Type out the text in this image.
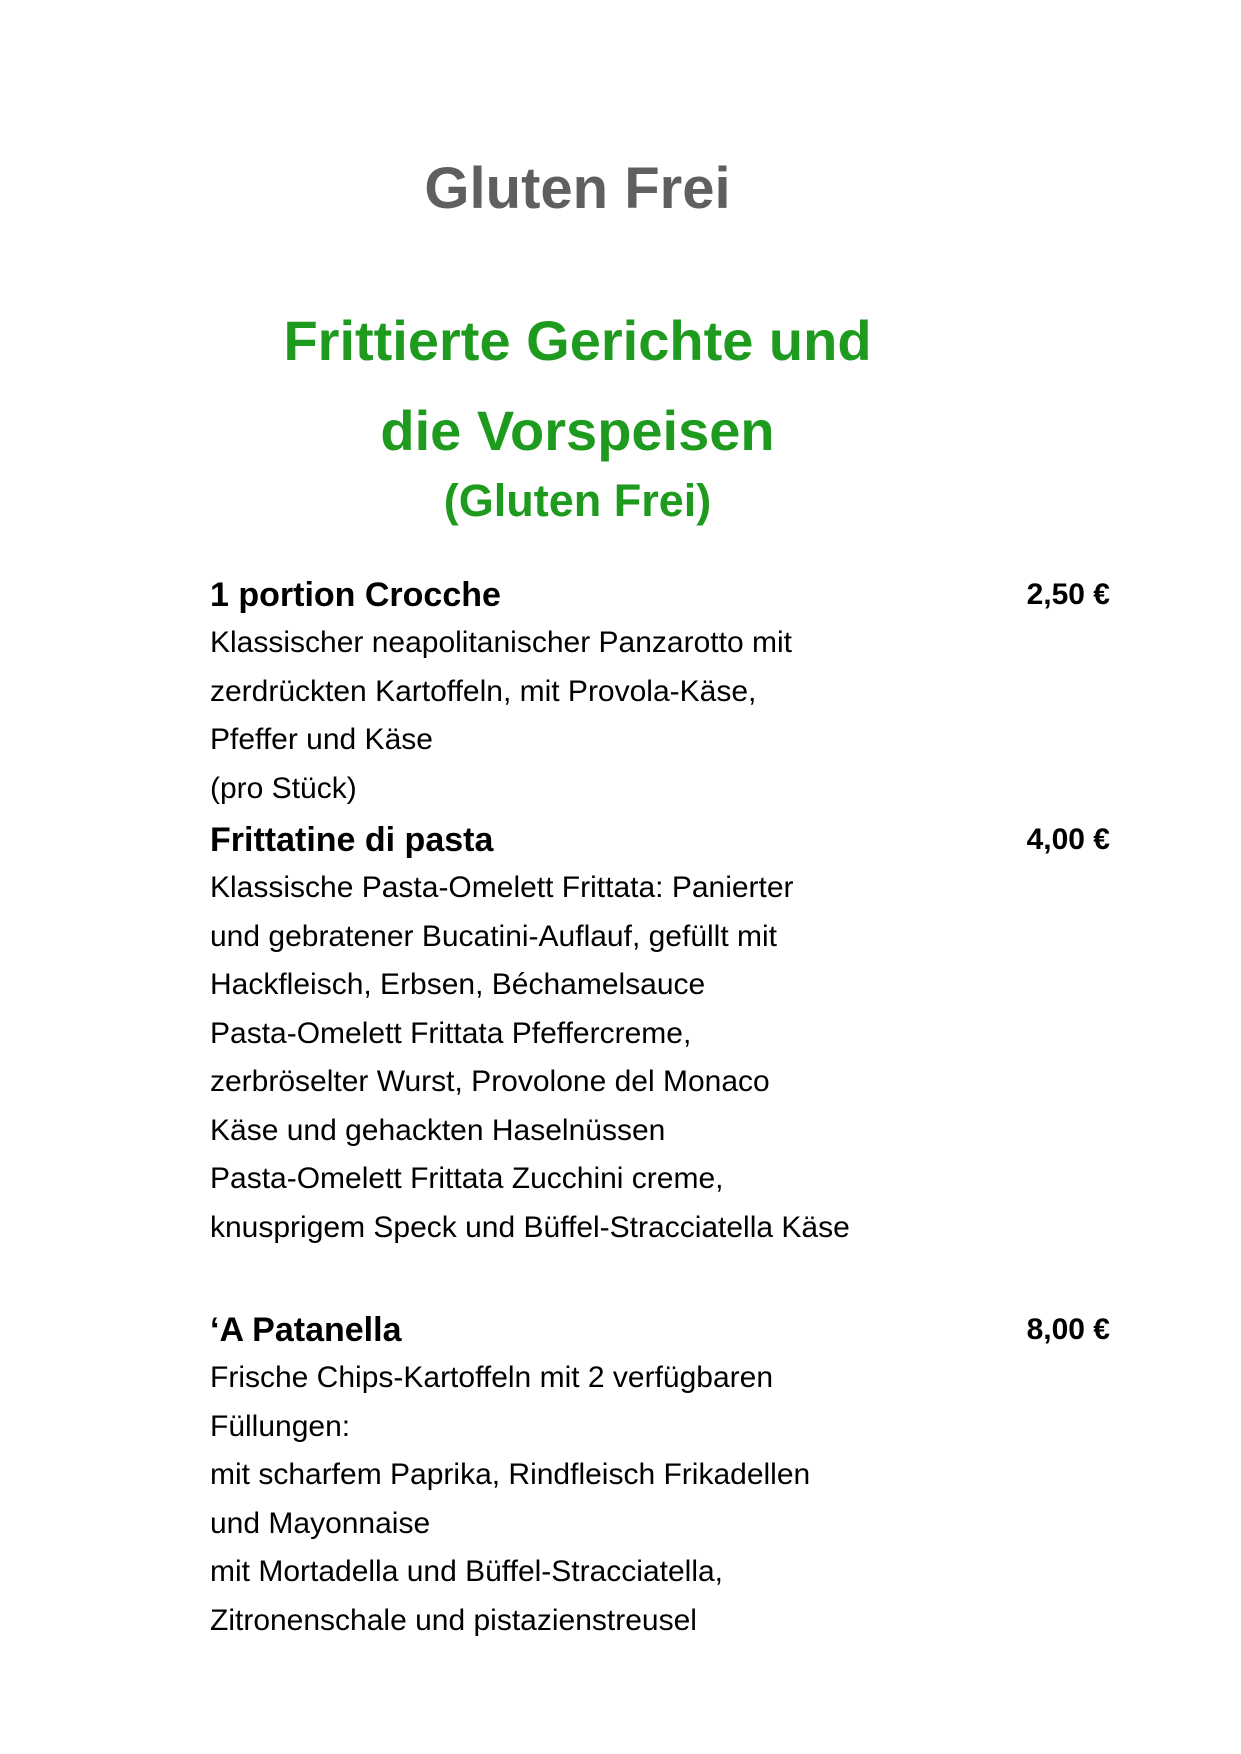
Gluten Frei
Frittierte Gerichte und
die Vorspeisen
(Gluten Frei)
1 portion Crocche	2,50 €
Klassischer neapolitanischer Panzarotto mit
zerdrückten Kartoffeln, mit Provola-Käse,
Pfeffer und Käse
(pro Stück)
Frittatine di pasta	4,00 €
Klassische Pasta-Omelett Frittata: Panierter
und gebratener Bucatini-Auflauf, gefüllt mit
Hackfleisch, Erbsen, Béchamelsauce
Pasta-Omelett Frittata Pfeffercreme,
zerbröselter Wurst, Provolone del Monaco
Käse und gehackten Haselnüssen
Pasta-Omelett Frittata Zucchini creme,
knusprigem Speck und Büffel-Stracciatella Käse
‘A Patanella	8,00 €
Frische Chips-Kartoffeln mit 2 verfügbaren
Füllungen:
mit scharfem Paprika, Rindfleisch Frikadellen
und Mayonnaise
mit Mortadella und Büffel-Stracciatella,
Zitronenschale und pistazienstreusel
